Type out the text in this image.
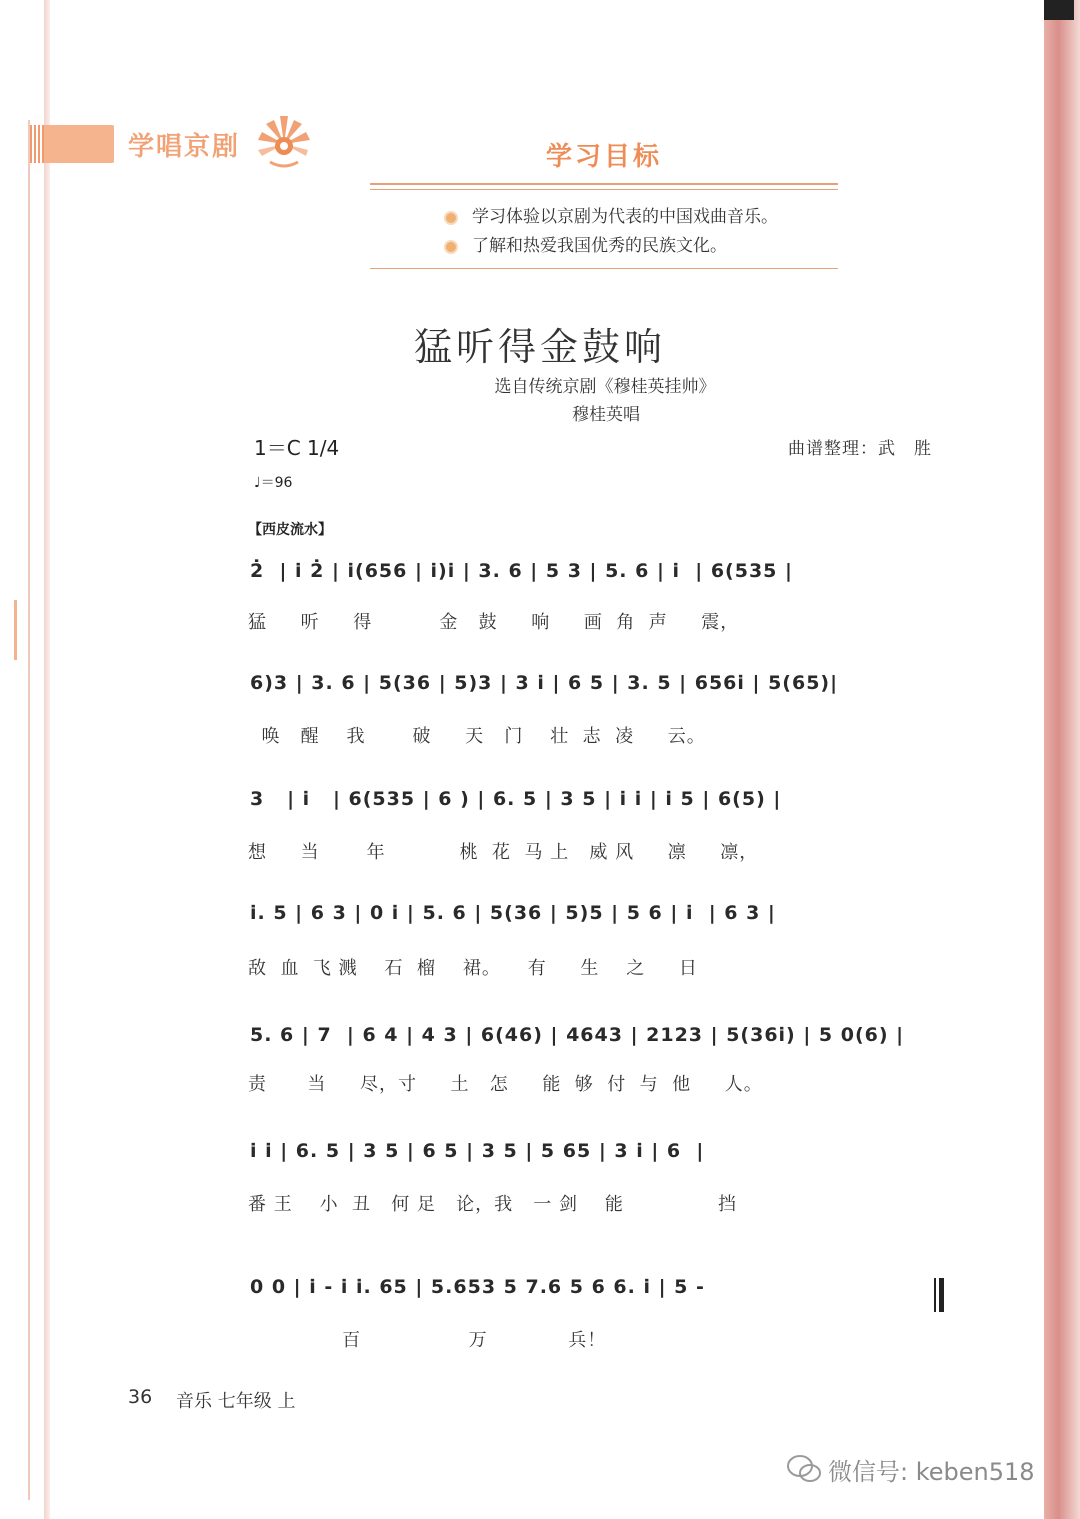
学唱京剧	学习目标
学习体验以京剧为代表的中国戏曲音乐。
了解和热爱我国优秀的民族文化。
猛听得金鼓响
选自传统京剧《穆桂英挂帅》
穆桂英唱
1＝C 1/4
♩＝96
曲谱整理：武　胜
【西皮流水】
2̇  | i̇ 2̇ | i̇(656 | i̇)i̇ | 3. 6 | 5 3 | 5. 6 | i̇  | 6(535 |
猛     听     得          金   鼓     响     画  角  声     震，
6)3 | 3. 6 | 5(36 | 5)3 | 3 i̇ | 6 5 | 3. 5 | 656i̇ | 5(65)|
唤   醒    我       破     天   门    壮  志  凌     云。
3   | i̇   | 6(535 | 6 ) | 6. 5 | 3 5 | i̇ i̇ | i̇ 5 | 6(5) |
想     当       年           桃  花  马 上   威 风     凛     凛，
i̇. 5 | 6 3 | 0 i̇ | 5. 6 | 5(36 | 5)5 | 5 6 | i̇  | 6 3 |
敌  血  飞 溅    石  榴    裙。    有     生    之     日
5. 6 | 7  | 6 4 | 4 3 | 6(46) | 4643 | 2123 | 5(36i̇) | 5 0(6) |
责      当     尽，寸     土   怎     能  够  付  与  他     人。
i̇ i̇ | 6. 5 | 3 5 | 6 5 | 3 5 | 5 65 | 3 i̇ | 6  |
番 王    小  丑   何 足   论，我   一 剑    能              挡
0 0 | i̇ - i̇ i̇. 65 | 5.653 5 7.6 5 6 6. i̇ | 5 -
百                万            兵！
36 音乐 七年级 上
微信号: keben518
